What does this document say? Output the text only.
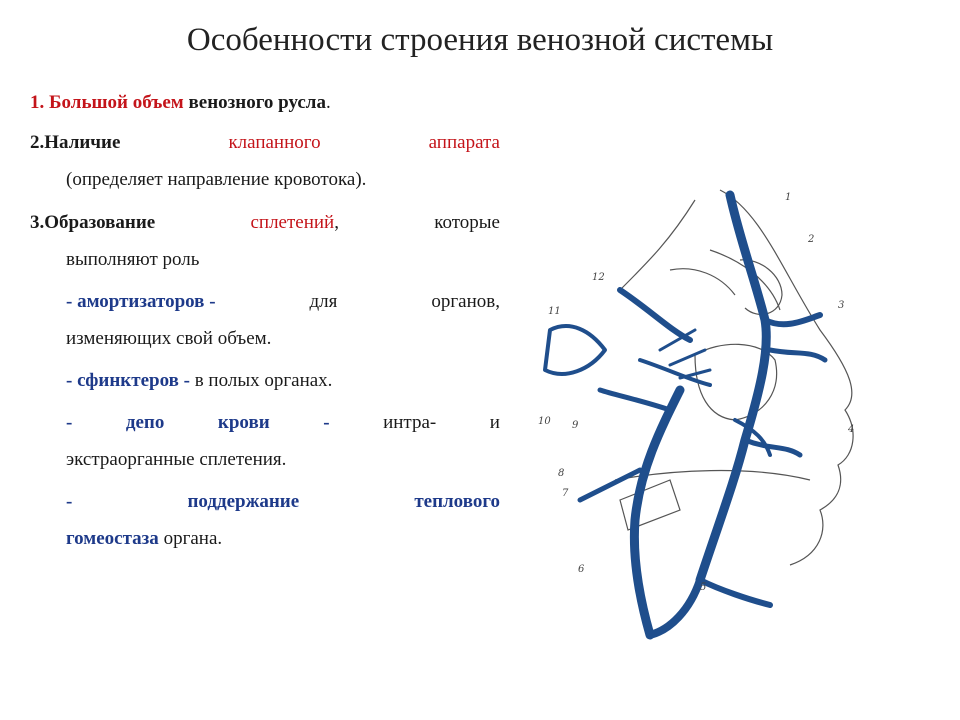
Особенности строения венозной системы
1. Большой объем венозного русла.
2.Наличие	клапанного	аппарата
(определяет направление кровотока).
3.Образование	сплетений,	которые
выполняют роль
- амортизаторов -	для	органов,
изменяющих свой объем.
- сфинктеров - в полых органах.
-	депо	крови	-	интра-	и
экстраорганные сплетения.
-	поддержание	теплового
гомеостаза органа.
1
2
3
4
5
6
7
8
9
10
11
12
